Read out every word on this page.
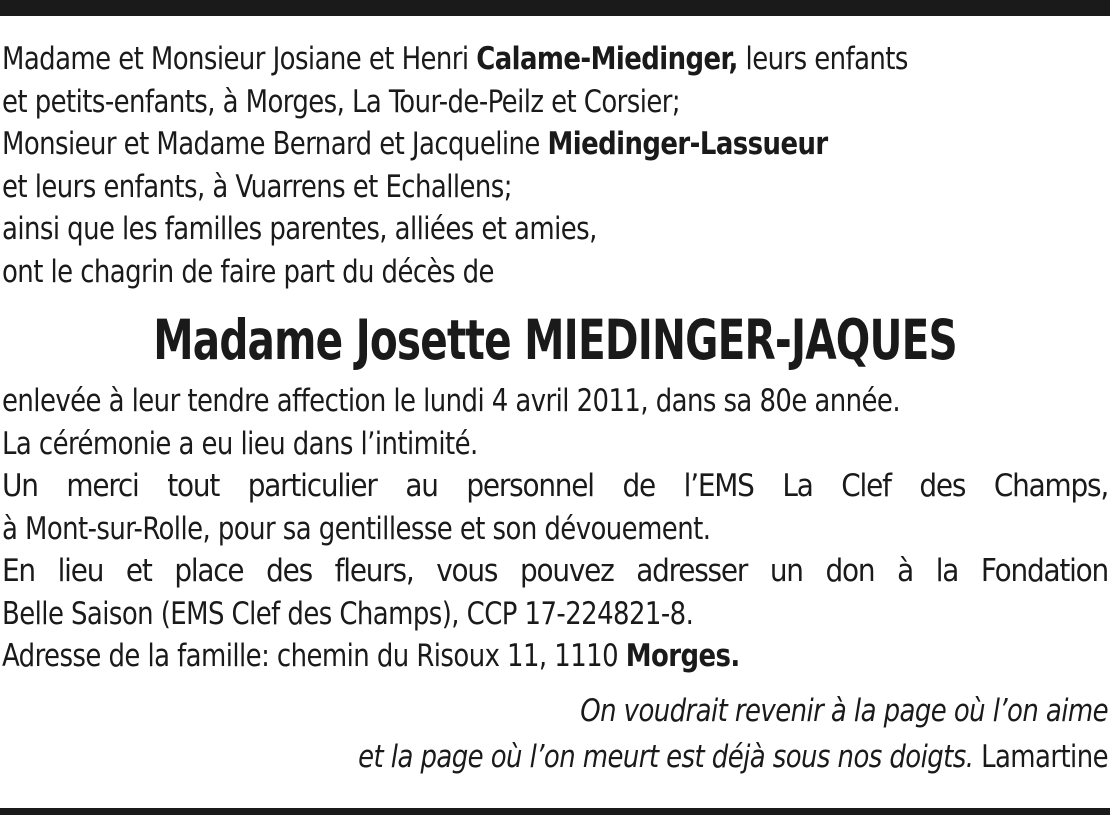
Madame et Monsieur Josiane et Henri Calame-Miedinger, leurs enfants
et petits-enfants, à Morges, La Tour-de-Peilz et Corsier;
Monsieur et Madame Bernard et Jacqueline Miedinger-Lassueur
et leurs enfants, à Vuarrens et Echallens;
ainsi que les familles parentes, alliées et amies,
ont le chagrin de faire part du décès de
Madame Josette MIEDINGER-JAQUES
enlevée à leur tendre affection le lundi 4 avril 2011, dans sa 80e année.
La cérémonie a eu lieu dans l’intimité.
Un merci tout particulier au personnel de l’EMS La Clef des Champs,
à Mont-sur-Rolle, pour sa gentillesse et son dévouement.
En lieu et place des fleurs, vous pouvez adresser un don à la Fondation
Belle Saison (EMS Clef des Champs), CCP 17-224821-8.
Adresse de la famille: chemin du Risoux 11, 1110 Morges.
On voudrait revenir à la page où l’on aime
et la page où l’on meurt est déjà sous nos doigts. Lamartine
